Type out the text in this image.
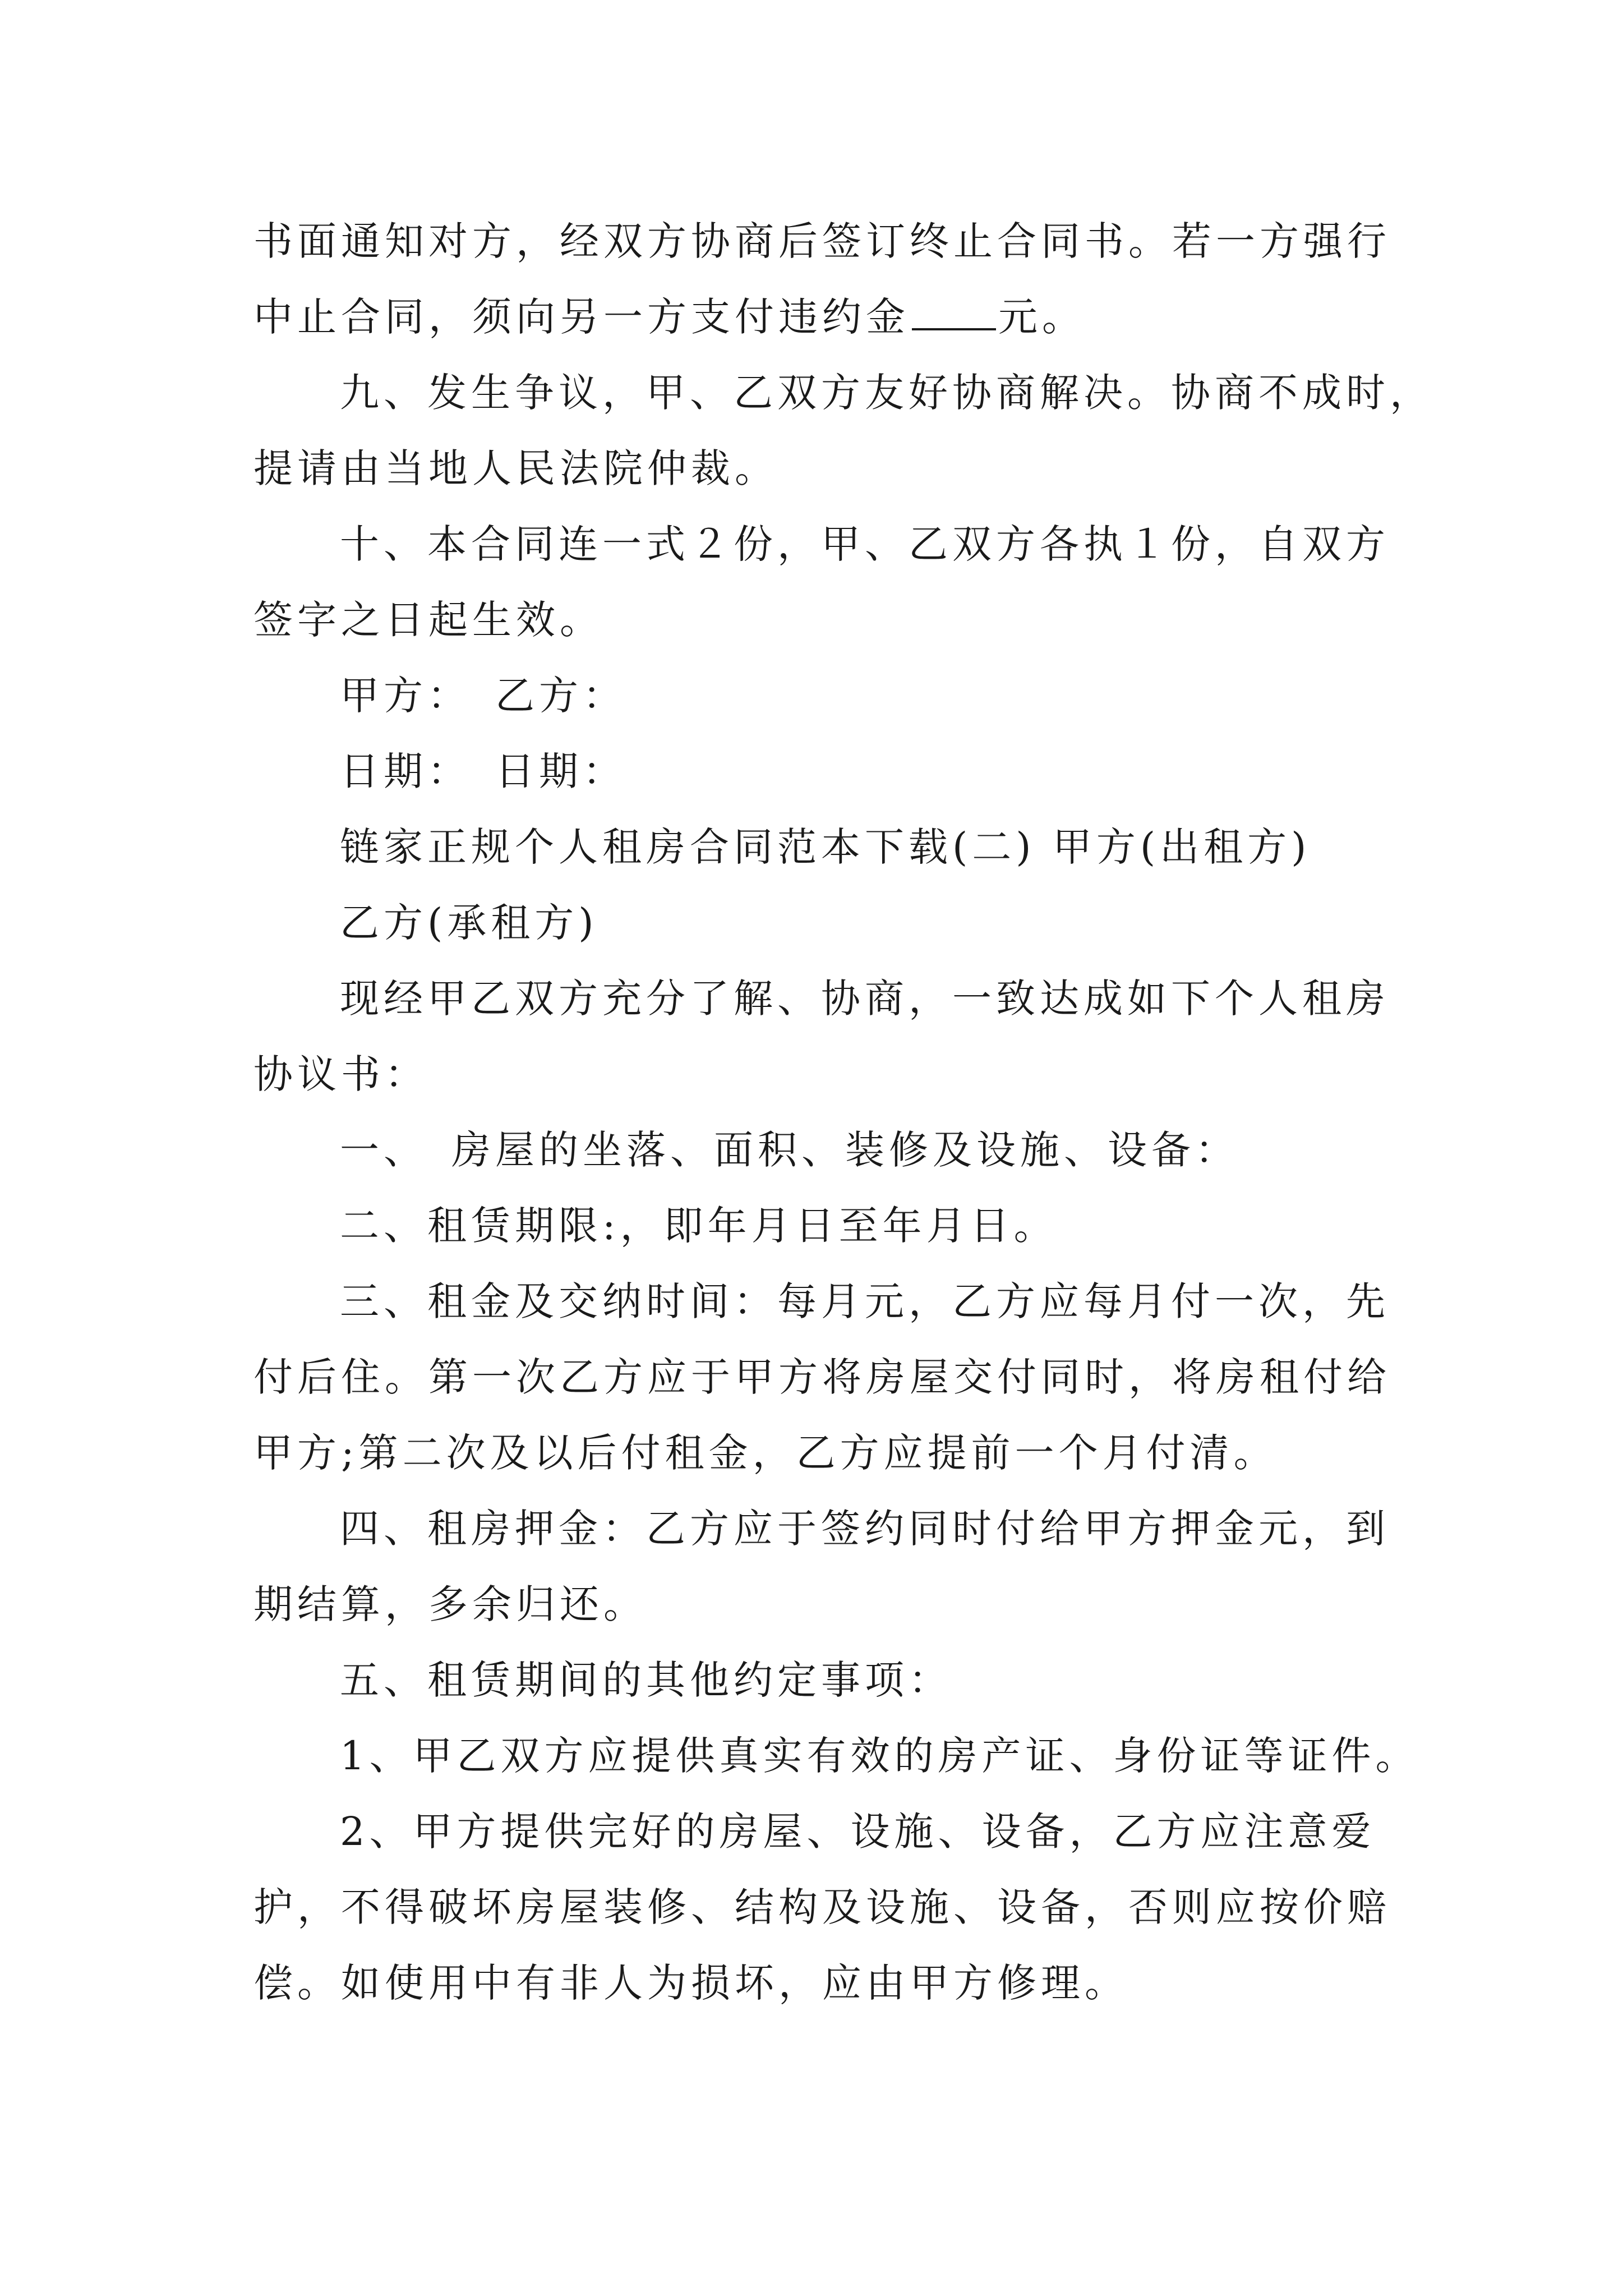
书面通知对方，经双方协商后签订终止合同书。若一方强行
中止合同，须向另一方支付违约金 元。
九、发生争议，甲、乙双方友好协商解决。协商不成时，
提请由当地人民法院仲裁。
十、本合同连一式２份，甲、乙双方各执１份，自双方
签字之日起生效。
甲方：　乙方：
日期：　日期：
链家正规个人租房合同范本下载(二) 甲方(出租方)
乙方(承租方)
现经甲乙双方充分了解、协商，一致达成如下个人租房
协议书：
一、　房屋的坐落、面积、装修及设施、设备：
二、租赁期限:，即年月日至年月日。
三、租金及交纳时间：每月元，乙方应每月付一次，先
付后住。第一次乙方应于甲方将房屋交付同时，将房租付给
甲方;第二次及以后付租金，乙方应提前一个月付清。
四、租房押金：乙方应于签约同时付给甲方押金元，到
期结算，多余归还。
五、租赁期间的其他约定事项：
1、甲乙双方应提供真实有效的房产证、身份证等证件。
2、甲方提供完好的房屋、设施、设备，乙方应注意爱
护，不得破坏房屋装修、结构及设施、设备，否则应按价赔
偿。如使用中有非人为损坏，应由甲方修理。
